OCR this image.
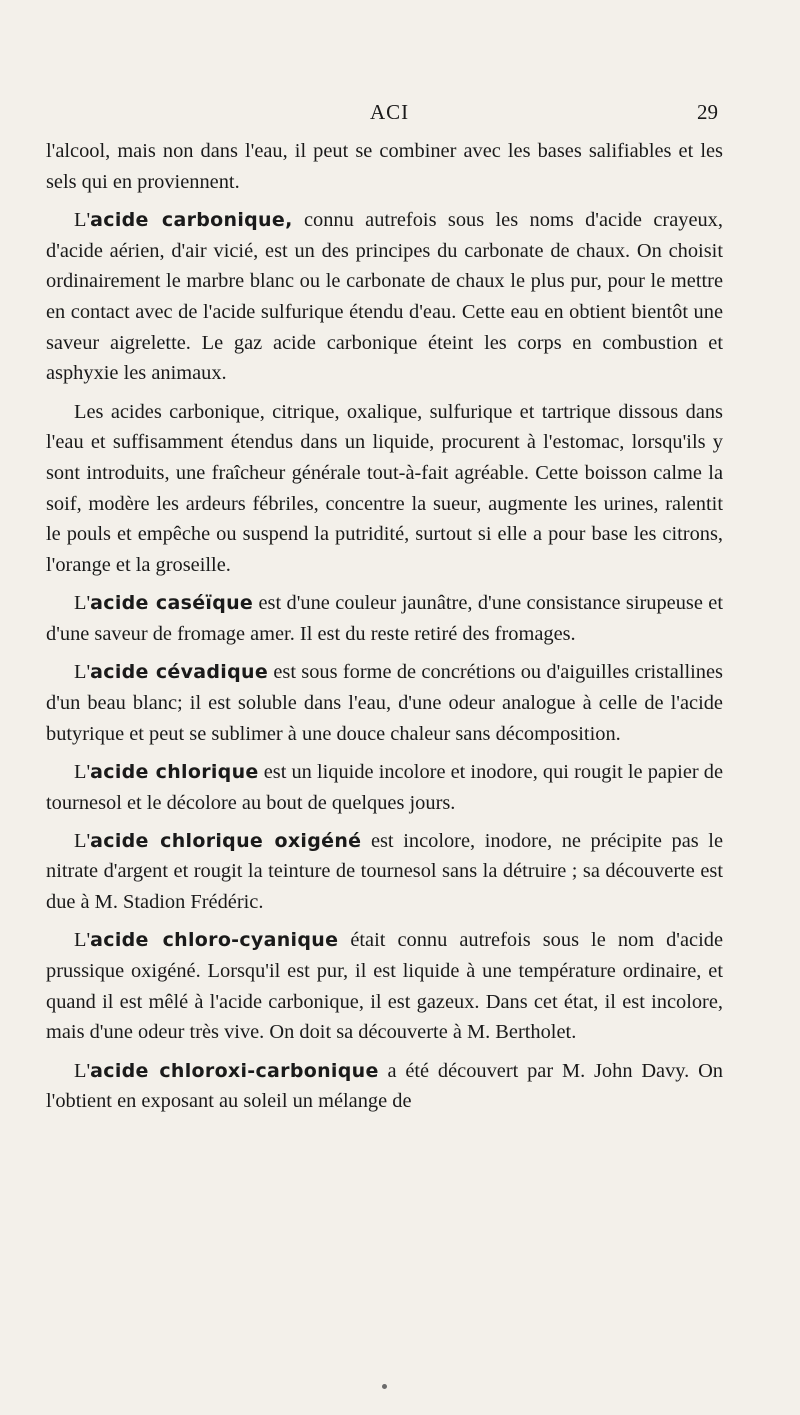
ACI	29

l'alcool, mais non dans l'eau, il peut se combiner avec les bases salifiables et les sels qui en proviennent.

L'acide carbonique, connu autrefois sous les noms d'acide crayeux, d'acide aérien, d'air vicié, est un des principes du carbonate de chaux. On choisit ordinairement le marbre blanc ou le carbonate de chaux le plus pur, pour le mettre en contact avec de l'acide sulfurique étendu d'eau. Cette eau en obtient bientôt une saveur aigrelette. Le gaz acide carbonique éteint les corps en combustion et asphyxie les animaux.

Les acides carbonique, citrique, oxalique, sulfurique et tartrique dissous dans l'eau et suffisamment étendus dans un liquide, procurent à l'estomac, lorsqu'ils y sont introduits, une fraîcheur générale tout-à-fait agréable. Cette boisson calme la soif, modère les ardeurs fébriles, concentre la sueur, augmente les urines, ralentit le pouls et empêche ou suspend la putridité, surtout si elle a pour base les citrons, l'orange et la groseille.

L'acide caséïque est d'une couleur jaunâtre, d'une consistance sirupeuse et d'une saveur de fromage amer. Il est du reste retiré des fromages.

L'acide cévadique est sous forme de concrétions ou d'aiguilles cristallines d'un beau blanc; il est soluble dans l'eau, d'une odeur analogue à celle de l'acide butyrique et peut se sublimer à une douce chaleur sans décomposition.

L'acide chlorique est un liquide incolore et inodore, qui rougit le papier de tournesol et le décolore au bout de quelques jours.

L'acide chlorique oxigéné est incolore, inodore, ne précipite pas le nitrate d'argent et rougit la teinture de tournesol sans la détruire ; sa découverte est due à M. Stadion Frédéric.

L'acide chloro-cyanique était connu autrefois sous le nom d'acide prussique oxigéné. Lorsqu'il est pur, il est liquide à une température ordinaire, et quand il est mêlé à l'acide carbonique, il est gazeux. Dans cet état, il est incolore, mais d'une odeur très vive. On doit sa découverte à M. Bertholet.

L'acide chloroxi-carbonique a été découvert par M. John Davy. On l'obtient en exposant au soleil un mélange de
